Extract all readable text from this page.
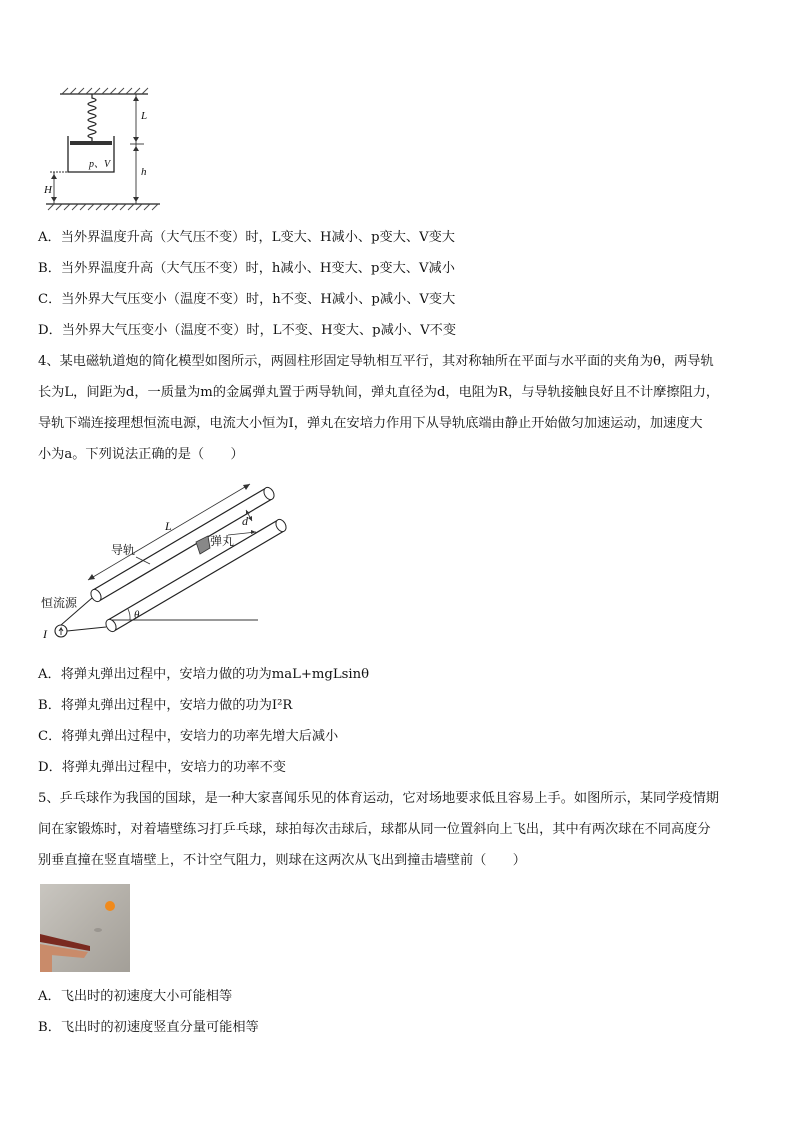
L
h
H
p、V
A．当外界温度升高（大气压不变）时，L变大、H减小、p变大、V变大
B．当外界温度升高（大气压不变）时，h减小、H变大、p变大、V减小
C．当外界大气压变小（温度不变）时，h不变、H减小、p减小、V变大
D．当外界大气压变小（温度不变）时，L不变、H变大、p减小、V不变
4、某电磁轨道炮的简化模型如图所示，两圆柱形固定导轨相互平行，其对称轴所在平面与水平面的夹角为θ，两导轨
长为L，间距为d，一质量为m的金属弹丸置于两导轨间，弹丸直径为d，电阻为R，与导轨接触良好且不计摩擦阻力，
导轨下端连接理想恒流电源，电流大小恒为I，弹丸在安培力作用下从导轨底端由静止开始做匀加速运动，加速度大
小为a。下列说法正确的是（　　）
L	d
导轨
弹丸
恒流源
I
θ
A．将弹丸弹出过程中，安培力做的功为maL+mgLsinθ
B．将弹丸弹出过程中，安培力做的功为I²R
C．将弹丸弹出过程中，安培力的功率先增大后减小
D．将弹丸弹出过程中，安培力的功率不变
5、乒乓球作为我国的国球，是一种大家喜闻乐见的体育运动，它对场地要求低且容易上手。如图所示，某同学疫情期
间在家锻炼时，对着墙壁练习打乒乓球，球拍每次击球后，球都从同一位置斜向上飞出，其中有两次球在不同高度分
别垂直撞在竖直墙壁上，不计空气阻力，则球在这两次从飞出到撞击墙壁前（　　）
A．飞出时的初速度大小可能相等
B．飞出时的初速度竖直分量可能相等
